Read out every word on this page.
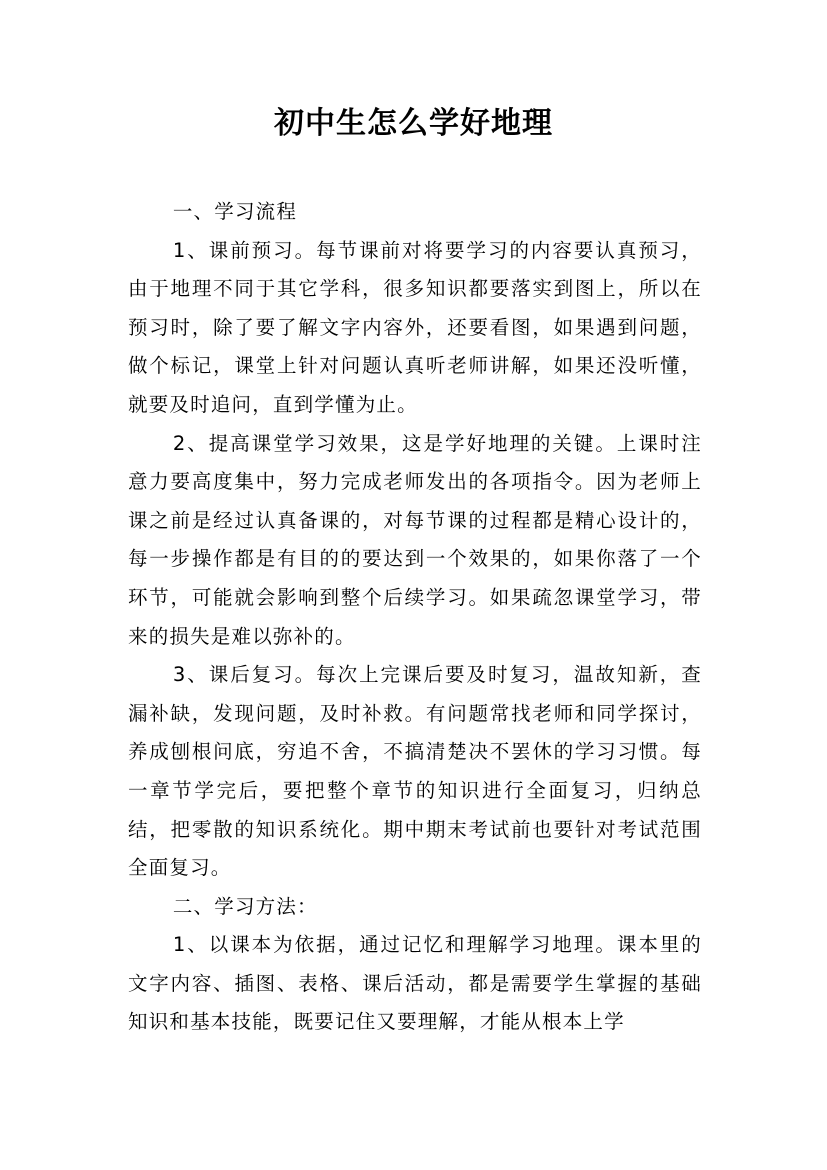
初中生怎么学好地理

一、学习流程

1、课前预习。每节课前对将要学习的内容要认真预习，由于地理不同于其它学科，很多知识都要落实到图上，所以在预习时，除了要了解文字内容外，还要看图，如果遇到问题，做个标记，课堂上针对问题认真听老师讲解，如果还没听懂，就要及时追问，直到学懂为止。

2、提高课堂学习效果，这是学好地理的关键。上课时注意力要高度集中，努力完成老师发出的各项指令。因为老师上课之前是经过认真备课的，对每节课的过程都是精心设计的，每一步操作都是有目的的要达到一个效果的，如果你落了一个环节，可能就会影响到整个后续学习。如果疏忽课堂学习，带来的损失是难以弥补的。

3、课后复习。每次上完课后要及时复习，温故知新，查漏补缺，发现问题，及时补救。有问题常找老师和同学探讨，养成刨根问底，穷追不舍，不搞清楚决不罢休的学习习惯。每一章节学完后，要把整个章节的知识进行全面复习，归纳总结，把零散的知识系统化。期中期末考试前也要针对考试范围全面复习。

二、学习方法：

1、以课本为依据，通过记忆和理解学习地理。课本里的文字内容、插图、表格、课后活动，都是需要学生掌握的基础知识和基本技能，既要记住又要理解，才能从根本上学
